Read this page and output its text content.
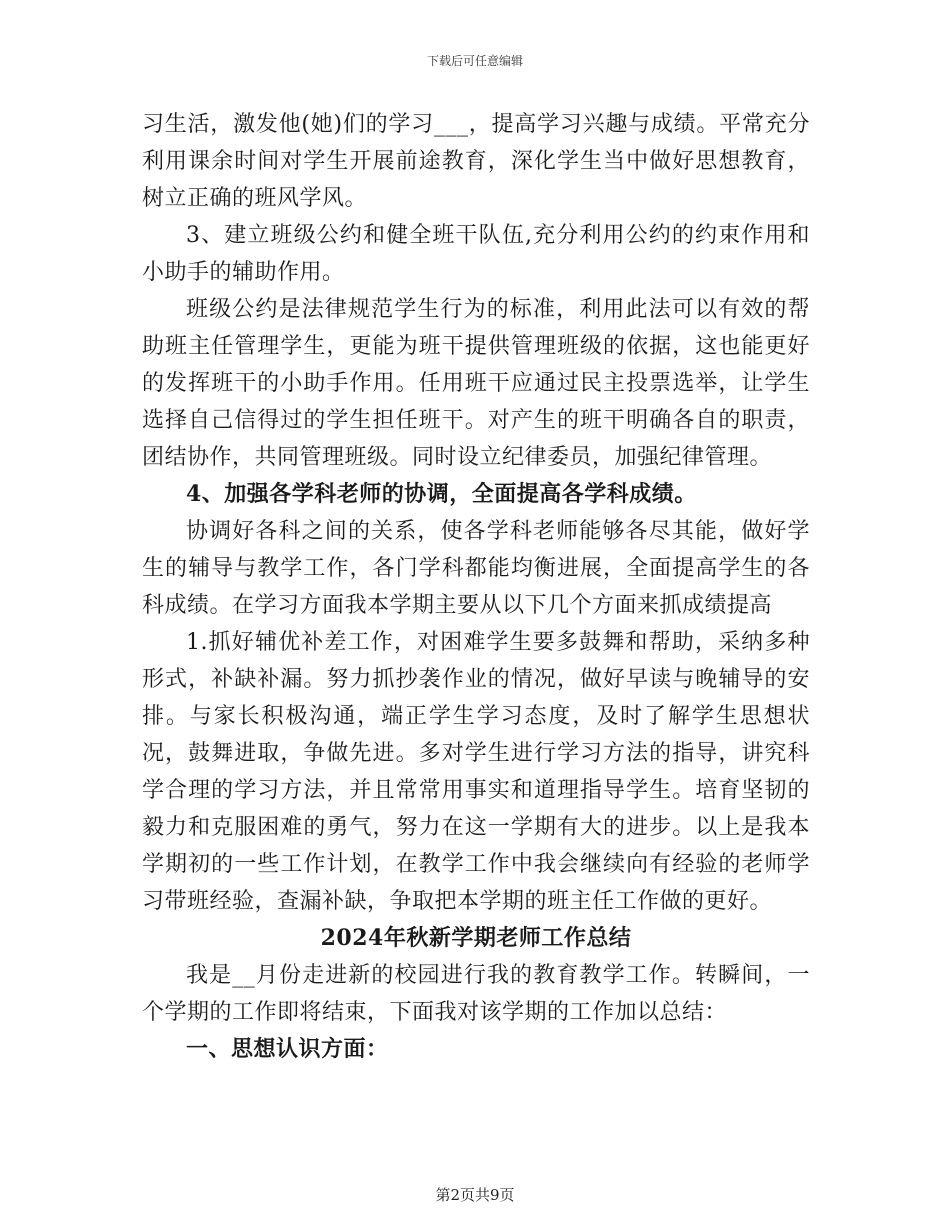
下载后可任意编辑

习生活，激发他(她)们的学习___，提高学习兴趣与成绩。平常充分利用课余时间对学生开展前途教育，深化学生当中做好思想教育，树立正确的班风学风。

3、建立班级公约和健全班干队伍,充分利用公约的约束作用和小助手的辅助作用。

班级公约是法律规范学生行为的标准，利用此法可以有效的帮助班主任管理学生，更能为班干提供管理班级的依据，这也能更好的发挥班干的小助手作用。任用班干应通过民主投票选举，让学生选择自己信得过的学生担任班干。对产生的班干明确各自的职责，团结协作，共同管理班级。同时设立纪律委员，加强纪律管理。

4、加强各学科老师的协调，全面提高各学科成绩。

协调好各科之间的关系，使各学科老师能够各尽其能，做好学生的辅导与教学工作，各门学科都能均衡进展，全面提高学生的各科成绩。在学习方面我本学期主要从以下几个方面来抓成绩提高

1.抓好辅优补差工作，对困难学生要多鼓舞和帮助，采纳多种形式，补缺补漏。努力抓抄袭作业的情况，做好早读与晚辅导的安排。与家长积极沟通，端正学生学习态度，及时了解学生思想状况，鼓舞进取，争做先进。多对学生进行学习方法的指导，讲究科学合理的学习方法，并且常常用事实和道理指导学生。培育坚韧的毅力和克服困难的勇气，努力在这一学期有大的进步。以上是我本学期初的一些工作计划，在教学工作中我会继续向有经验的老师学习带班经验，查漏补缺，争取把本学期的班主任工作做的更好。

2024年秋新学期老师工作总结

我是__月份走进新的校园进行我的教育教学工作。转瞬间，一个学期的工作即将结束，下面我对该学期的工作加以总结：

一、思想认识方面：

第2页共9页
